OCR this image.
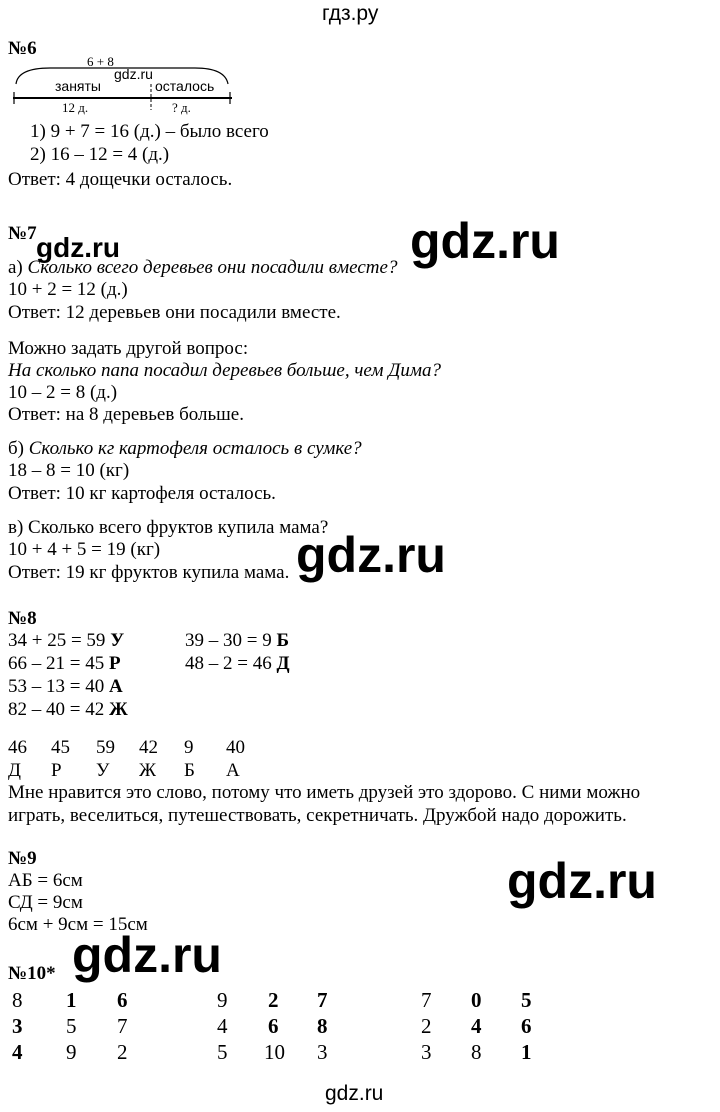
гдз.ру
№6
6 + 8
заняты	осталось
12 д.	? д.
gdz.ru
1) 9 + 7 = 16 (д.) – было всего
2) 16 – 12 = 4 (д.)
Ответ: 4 дощечки осталось.
№7 gdz.ru	gdz.ru
а) Сколько всего деревьев они посадили вместе?
10 + 2 = 12 (д.)
Ответ: 12 деревьев они посадили вместе.
Можно задать другой вопрос:
На сколько папа посадил деревьев больше, чем Дима?
10 – 2 = 8 (д.)
Ответ: на 8 деревьев больше.
б) Сколько кг картофеля осталось в сумке?
18 – 8 = 10 (кг)
Ответ: 10 кг картофеля осталось.
в) Сколько всего фруктов купила мама?
10 + 4 + 5 = 19 (кг)
Ответ: 19 кг фруктов купила мама. gdz.ru
№8
34 + 25 = 59 У
66 – 21 = 45 Р
53 – 13 = 40 А
82 – 40 = 42 Ж
39 – 30 = 9 Б
48 – 2 = 46 Д
46 45 59 42 9 40
Д Р У Ж Б А
Мне нравится это слово, потому что иметь друзей это здорово. С ними можно
играть, веселиться, путешествовать, секретничать. Дружбой надо дорожить.
№9
АБ = 6см
СД = 9см
6см + 9см = 15см
gdz.ru
gdz.ru
№10*
8 1 6
3 5 7
4 9 2
9 2 7
4 6 8
5 10 3
7 0 5
2 4 6
3 8 1
gdz.ru
